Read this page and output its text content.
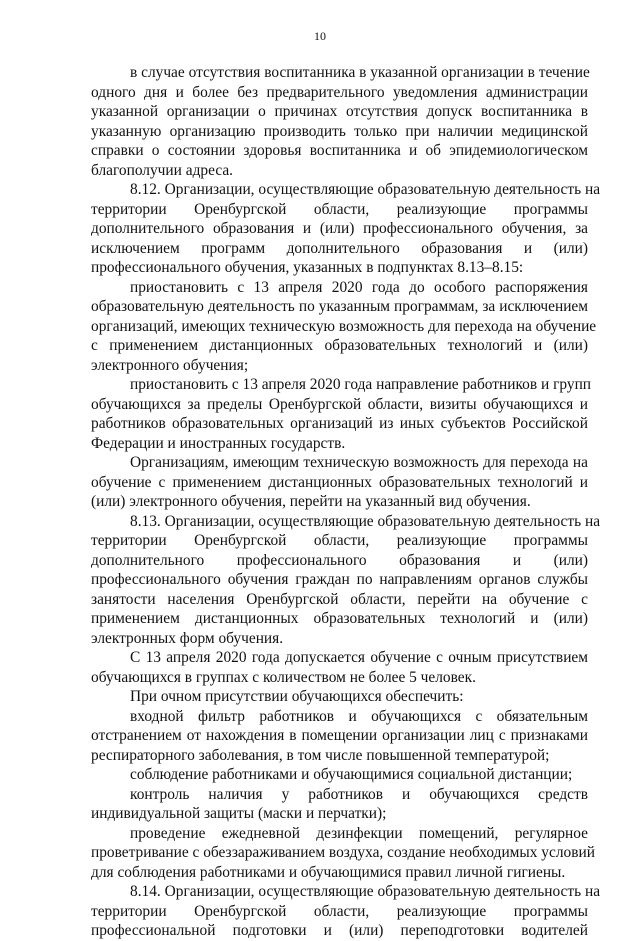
10
в случае отсутствия воспитанника в указанной организации в течение
одного дня и более без предварительного уведомления администрации
указанной организации о причинах отсутствия допуск воспитанника в
указанную организацию производить только при наличии медицинской
справки о состоянии здоровья воспитанника и об эпидемиологическом
благополучии адреса.
8.12. Организации, осуществляющие образовательную деятельность на
территории Оренбургской области, реализующие программы
дополнительного образования и (или) профессионального обучения, за
исключением программ дополнительного образования и (или)
профессионального обучения, указанных в подпунктах 8.13–8.15:
приостановить с 13 апреля 2020 года до особого распоряжения
образовательную деятельность по указанным программам, за исключением
организаций, имеющих техническую возможность для перехода на обучение
с применением дистанционных образовательных технологий и (или)
электронного обучения;
приостановить с 13 апреля 2020 года направление работников и групп
обучающихся за пределы Оренбургской области, визиты обучающихся и
работников образовательных организаций из иных субъектов Российской
Федерации и иностранных государств.
Организациям, имеющим техническую возможность для перехода на
обучение с применением дистанционных образовательных технологий и
(или) электронного обучения, перейти на указанный вид обучения.
8.13. Организации, осуществляющие образовательную деятельность на
территории Оренбургской области, реализующие программы
дополнительного профессионального образования и (или)
профессионального обучения граждан по направлениям органов службы
занятости населения Оренбургской области, перейти на обучение с
применением дистанционных образовательных технологий и (или)
электронных форм обучения.
С 13 апреля 2020 года допускается обучение с очным присутствием
обучающихся в группах с количеством не более 5 человек.
При очном присутствии обучающихся обеспечить:
входной фильтр работников и обучающихся с обязательным
отстранением от нахождения в помещении организации лиц с признаками
респираторного заболевания, в том числе повышенной температурой;
соблюдение работниками и обучающимися социальной дистанции;
контроль наличия у работников и обучающихся средств
индивидуальной защиты (маски и перчатки);
проведение ежедневной дезинфекции помещений, регулярное
проветривание с обеззараживанием воздуха, создание необходимых условий
для соблюдения работниками и обучающимися правил личной гигиены.
8.14. Организации, осуществляющие образовательную деятельность на
территории Оренбургской области, реализующие программы
профессиональной подготовки и (или) переподготовки водителей
